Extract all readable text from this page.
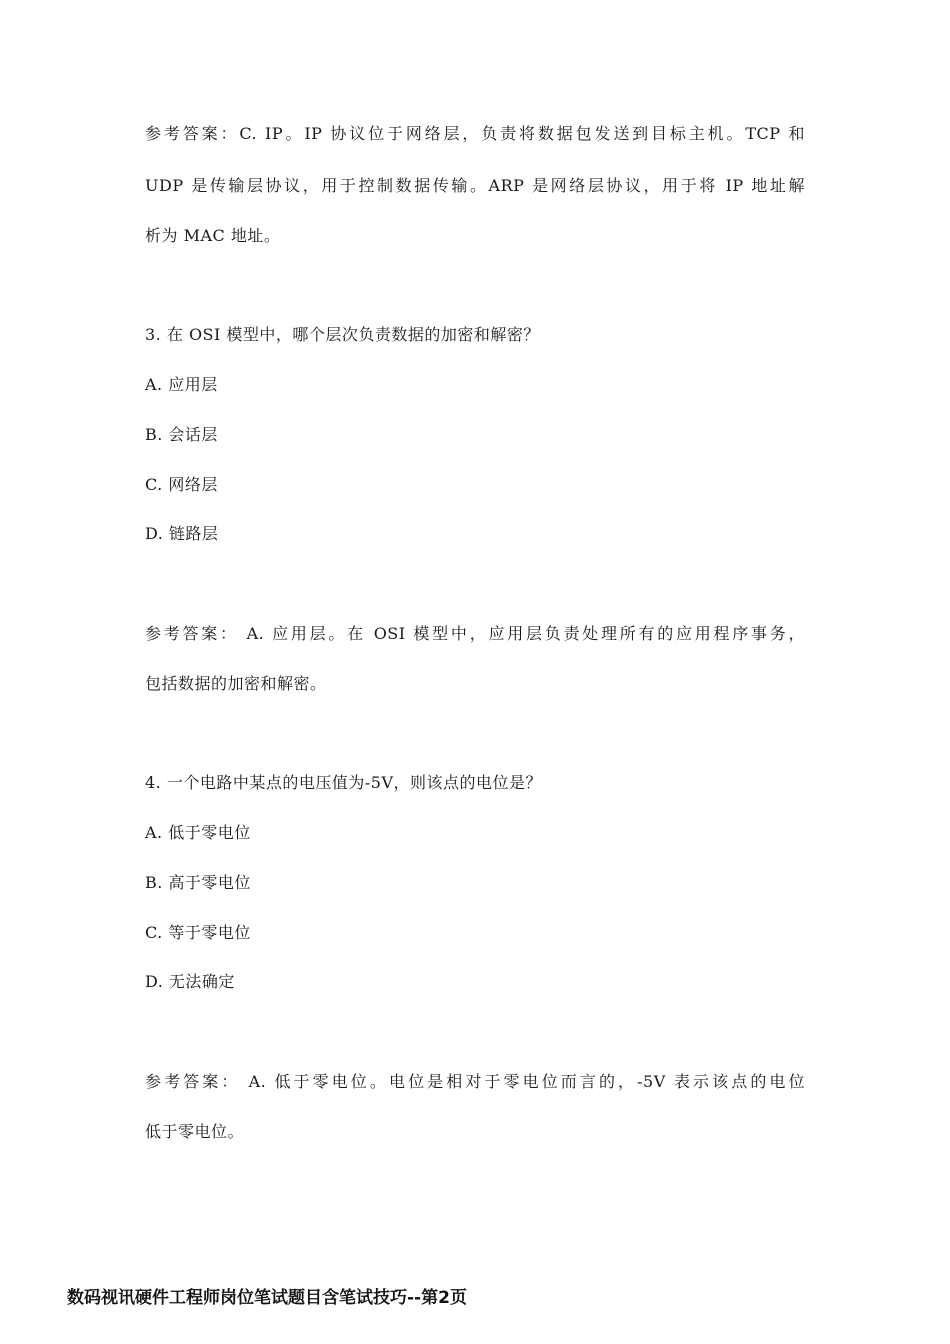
参考答案：C. IP。IP 协议位于网络层，负责将数据包发送到目标主机。TCP 和
UDP 是传输层协议，用于控制数据传输。ARP 是网络层协议，用于将 IP 地址解
析为 MAC 地址。
3. 在 OSI 模型中，哪个层次负责数据的加密和解密？
A. 应用层
B. 会话层
C. 网络层
D. 链路层
参考答案： A. 应用层。在 OSI 模型中，应用层负责处理所有的应用程序事务，
包括数据的加密和解密。
4. 一个电路中某点的电压值为-5V，则该点的电位是？
A. 低于零电位
B. 高于零电位
C. 等于零电位
D. 无法确定
参考答案： A. 低于零电位。电位是相对于零电位而言的，-5V 表示该点的电位
低于零电位。
数码视讯硬件工程师岗位笔试题目含笔试技巧--第2页
